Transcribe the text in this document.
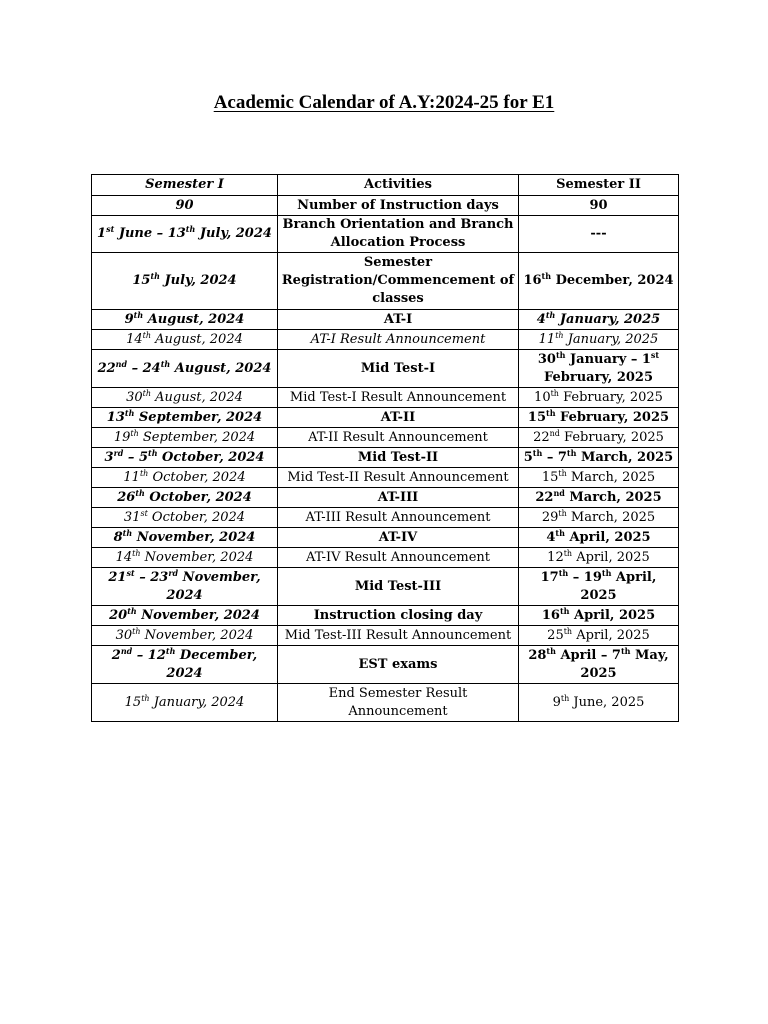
Academic Calendar of A.Y:2024-25 for E1
Semester I	Activities	Semester II
90	Number of Instruction days	90
1st June – 13th July, 2024	Branch Orientation and Branch Allocation Process	---
15th July, 2024	Semester Registration/Commencement of classes	16th December, 2024
9th August, 2024	AT-I	4th January, 2025
14th August, 2024	AT-I Result Announcement	11th January, 2025
22nd – 24th August, 2024	Mid Test-I	30th January – 1st February, 2025
30th August, 2024	Mid Test-I Result Announcement	10th February, 2025
13th September, 2024	AT-II	15th February, 2025
19th September, 2024	AT-II Result Announcement	22nd February, 2025
3rd – 5th October, 2024	Mid Test-II	5th – 7th March, 2025
11th October, 2024	Mid Test-II Result Announcement	15th March, 2025
26th October, 2024	AT-III	22nd March, 2025
31st October, 2024	AT-III Result Announcement	29th March, 2025
8th November, 2024	AT-IV	4th April, 2025
14th November, 2024	AT-IV Result Announcement	12th April, 2025
21st – 23rd November, 2024	Mid Test-III	17th – 19th April, 2025
20th November, 2024	Instruction closing day	16th April, 2025
30th November, 2024	Mid Test-III Result Announcement	25th April, 2025
2nd – 12th December, 2024	EST exams	28th April – 7th May, 2025
15th January, 2024	End Semester Result Announcement	9th June, 2025
